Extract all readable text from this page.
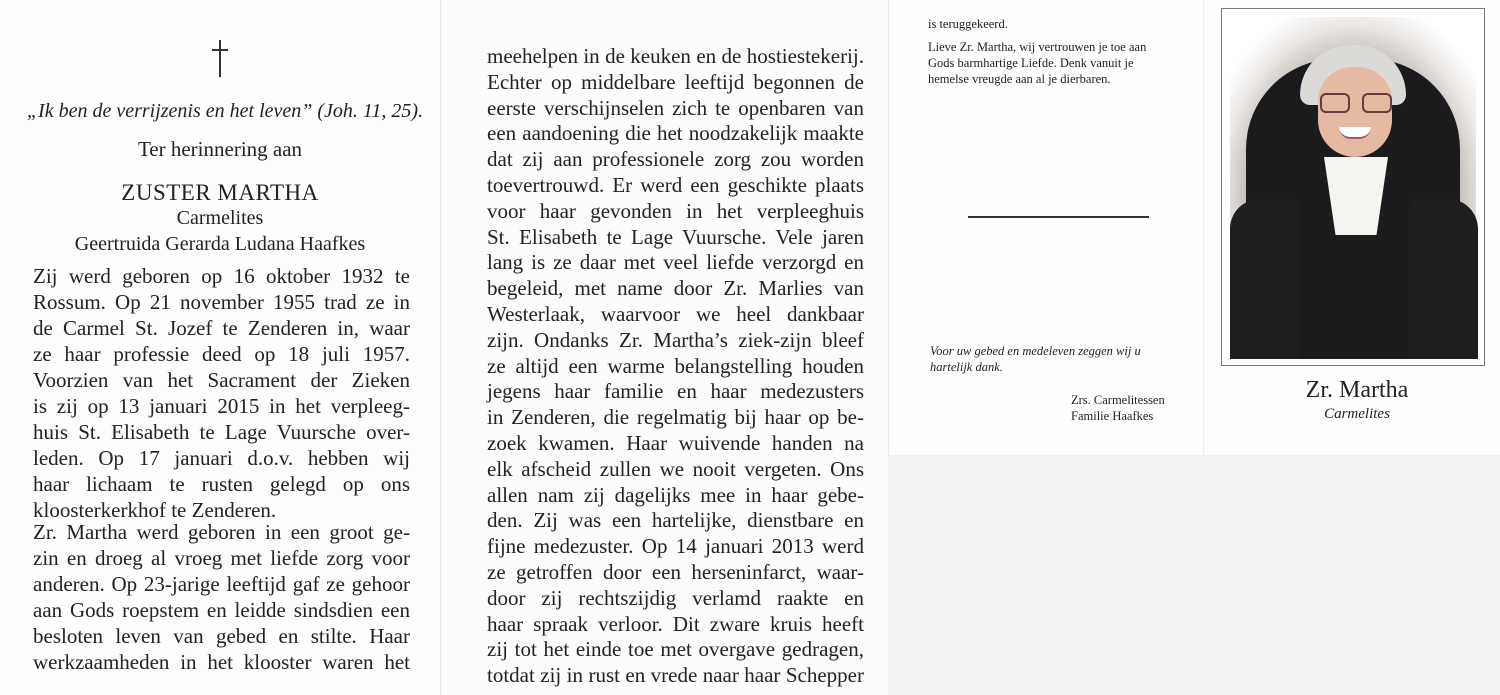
„Ik ben de verrijzenis en het leven” (Joh. 11, 25).
Ter herinnering aan
ZUSTER MARTHA
Carmelites
Geertruida Gerarda Ludana Haafkes
Zij werd geboren op 16 oktober 1932 te
Rossum. Op 21 november 1955 trad ze in
de Carmel St. Jozef te Zenderen in, waar
ze haar professie deed op 18 juli 1957.
Voorzien van het Sacrament der Zieken
is zij op 13 januari 2015 in het verpleeg-
huis St. Elisabeth te Lage Vuursche over-
leden. Op 17 januari d.o.v. hebben wij
haar lichaam te rusten gelegd op ons
kloosterkerkhof te Zenderen.
Zr. Martha werd geboren in een groot ge-
zin en droeg al vroeg met liefde zorg voor
anderen. Op 23-jarige leeftijd gaf ze gehoor
aan Gods roepstem en leidde sindsdien een
besloten leven van gebed en stilte. Haar
werkzaamheden in het klooster waren het
meehelpen in de keuken en de hostiestekerij.
Echter op middelbare leeftijd begonnen de
eerste verschijnselen zich te openbaren van
een aandoening die het noodzakelijk maakte
dat zij aan professionele zorg zou worden
toevertrouwd. Er werd een geschikte plaats
voor haar gevonden in het verpleeghuis
St. Elisabeth te Lage Vuursche. Vele jaren
lang is ze daar met veel liefde verzorgd en
begeleid, met name door Zr. Marlies van
Westerlaak, waarvoor we heel dankbaar
zijn. Ondanks Zr. Martha’s ziek-zijn bleef
ze altijd een warme belangstelling houden
jegens haar familie en haar medezusters
in Zenderen, die regelmatig bij haar op be-
zoek kwamen. Haar wuivende handen na
elk afscheid zullen we nooit vergeten. Ons
allen nam zij dagelijks mee in haar gebe-
den. Zij was een hartelijke, dienstbare en
fijne medezuster. Op 14 januari 2013 werd
ze getroffen door een herseninfarct, waar-
door zij rechtszijdig verlamd raakte en
haar spraak verloor. Dit zware kruis heeft
zij tot het einde toe met overgave gedragen,
totdat zij in rust en vrede naar haar Schepper

is teruggekeerd.

Lieve Zr. Martha, wij vertrouwen je toe aan
Gods barmhartige Liefde. Denk vanuit je
hemelse vreugde aan al je dierbaren.
Voor uw gebed en medeleven zeggen wij u
hartelijk dank.
Zrs. Carmelitessen
Familie Haafkes
Zr. Martha
Carmelites
